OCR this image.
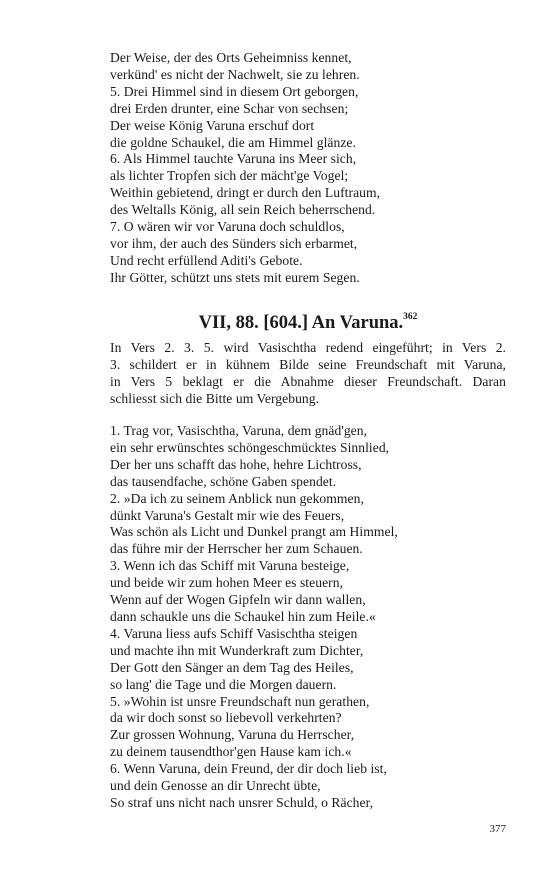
Der Weise, der des Orts Geheimniss kennet,
verkünd' es nicht der Nachwelt, sie zu lehren.
5. Drei Himmel sind in diesem Ort geborgen,
drei Erden drunter, eine Schar von sechsen;
Der weise König Varuna erschuf dort
die goldne Schaukel, die am Himmel glänze.
6. Als Himmel tauchte Varuna ins Meer sich,
als lichter Tropfen sich der mächt'ge Vogel;
Weithin gebietend, dringt er durch den Luftraum,
des Weltalls König, all sein Reich beherrschend.
7. O wären wir vor Varuna doch schuldlos,
vor ihm, der auch des Sünders sich erbarmet,
Und recht erfüllend Aditi's Gebote.
Ihr Götter, schützt uns stets mit eurem Segen.
VII, 88. [604.] An Varuna.$^{362}$
In Vers 2. 3. 5. wird Vasischtha redend eingeführt; in Vers 2.
3. schildert er in kühnem Bilde seine Freundschaft mit Varuna,
in Vers 5 beklagt er die Abnahme dieser Freundschaft. Daran
schliesst sich die Bitte um Vergebung.
1. Trag vor, Vasischtha, Varuna, dem gnäd'gen,
ein sehr erwünschtes schöngeschmücktes Sinnlied,
Der her uns schafft das hohe, hehre Lichtross,
das tausendfache, schöne Gaben spendet.
2. »Da ich zu seinem Anblick nun gekommen,
dünkt Varuna's Gestalt mir wie des Feuers,
Was schön als Licht und Dunkel prangt am Himmel,
das führe mir der Herrscher her zum Schauen.
3. Wenn ich das Schiff mit Varuna besteige,
und beide wir zum hohen Meer es steuern,
Wenn auf der Wogen Gipfeln wir dann wallen,
dann schaukle uns die Schaukel hin zum Heile.«
4. Varuna liess aufs Schiff Vasischtha steigen
und machte ihn mit Wunderkraft zum Dichter,
Der Gott den Sänger an dem Tag des Heiles,
so lang' die Tage und die Morgen dauern.
5. »Wohin ist unsre Freundschaft nun gerathen,
da wir doch sonst so liebevoll verkehrten?
Zur grossen Wohnung, Varuna du Herrscher,
zu deinem tausendthor'gen Hause kam ich.«
6. Wenn Varuna, dein Freund, der dir doch lieb ist,
und dein Genosse an dir Unrecht übte,
So straf uns nicht nach unsrer Schuld, o Rächer,
377
